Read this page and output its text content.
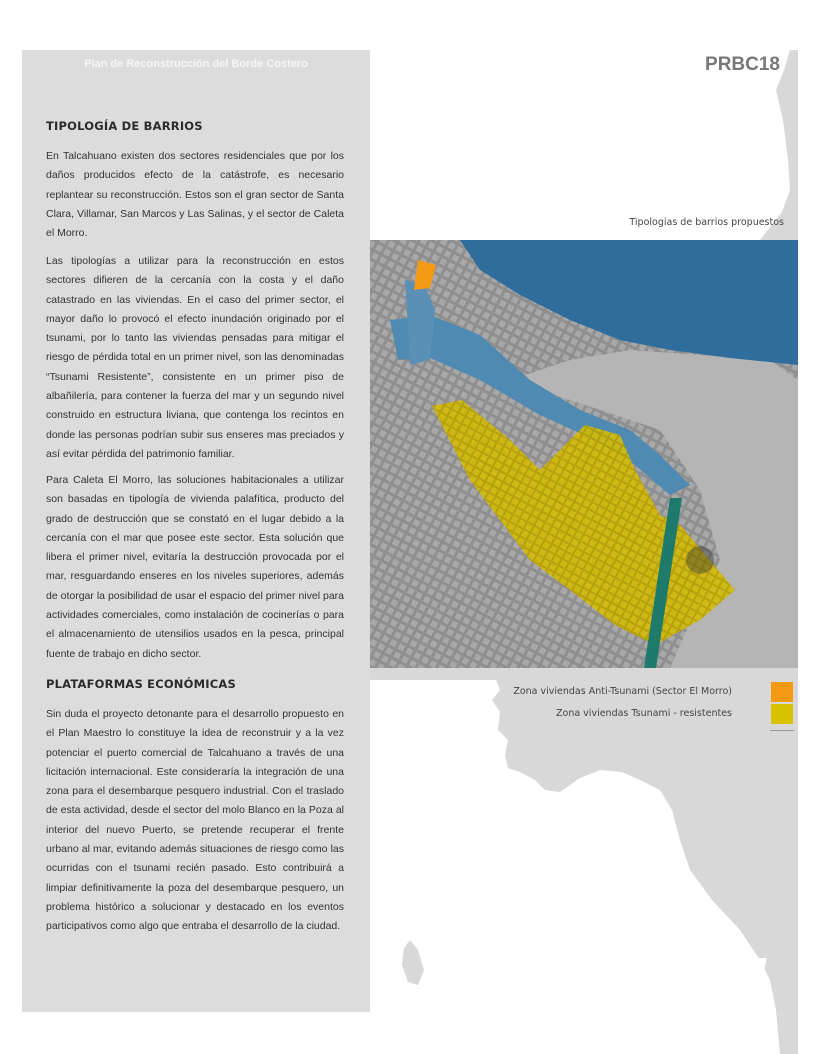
Plan de Reconstrucción del Borde Costero	PRBC18
TIPOLOGÍA DE BARRIOS

En Talcahuano existen dos sectores residenciales que por los daños producidos efecto de la catástrofe, es necesario replantear su reconstrucción. Estos son el gran sector de Santa Clara, Villamar, San Marcos y Las Salinas, y el sector de Caleta el Morro.

Las tipologías a utilizar para la reconstrucción en estos sectores difieren de la cercanía con la costa y el daño catastrado en las viviendas. En el caso del primer sector, el mayor daño lo provocó el efecto inundación originado por el tsunami, por lo tanto las viviendas pensadas para mitigar el riesgo de pérdida total en un primer nivel, son las denominadas “Tsunami Resistente”, consistente en un primer piso de albañilería, para contener la fuerza del mar y un segundo nivel construido en estructura liviana, que contenga los recintos en donde las personas podrían subir sus enseres mas preciados y así evitar pérdida del patrimonio familiar.

Para Caleta El Morro, las soluciones habitacionales a utilizar son basadas en tipología de vivienda palafítica, producto del grado de destrucción que se constató en el lugar debido a la cercanía con el mar que posee este sector. Esta solución que libera el primer nivel, evitaría la destrucción provocada por el mar, resguardando enseres en los niveles superiores, además de otorgar la posibilidad de usar el espacio del primer nivel para actividades comerciales, como instalación de cocinerías o para el almacenamiento de utensilios usados en la pesca, principal fuente de trabajo en dicho sector.

PLATAFORMAS ECONÓMICAS

Sin duda el proyecto detonante para el desarrollo propuesto en el Plan Maestro lo constituye la idea de reconstruir y a la vez potenciar el puerto comercial de Talcahuano a través de una licitación internacional. Este consideraría la integración de una zona para el desembarque pesquero industrial. Con el traslado de esta actividad, desde el sector del molo Blanco en la Poza al interior del nuevo Puerto, se pretende recuperar el frente urbano al mar, evitando además situaciones de riesgo como las ocurridas con el tsunami recién pasado. Esto contribuirá a limpiar definitivamente la poza del desembarque pesquero, un problema histórico a solucionar y destacado en los eventos participativos como algo que entraba el desarrollo de la ciudad.

Tipologias de barrios propuestos
Zona viviendas Anti-Tsunami (Sector El Morro)
Zona viviendas Tsunami - resistentes
21
